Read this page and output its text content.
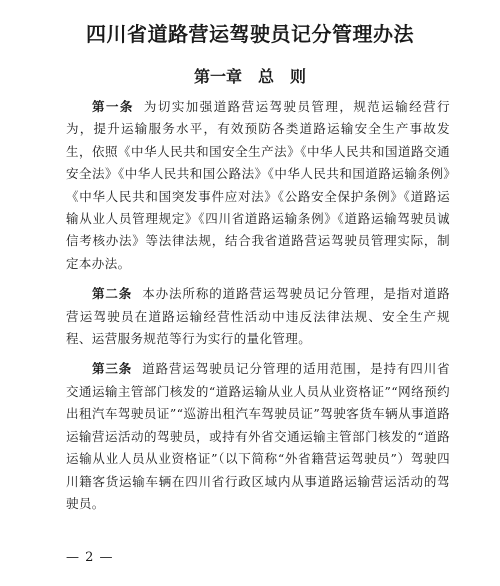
四川省道路营运驾驶员记分管理办法
第一章　总　则

第一条 为切实加强道路营运驾驶员管理，规范运输经营行为，提升运输服务水平，有效预防各类道路运输安全生产事故发生，依照《中华人民共和国安全生产法》《中华人民共和国道路交通安全法》《中华人民共和国公路法》《中华人民共和国道路运输条例》《中华人民共和国突发事件应对法》《公路安全保护条例》《道路运输从业人员管理规定》《四川省道路运输条例》《道路运输驾驶员诚信考核办法》等法律法规，结合我省道路营运驾驶员管理实际，制定本办法。

第二条 本办法所称的道路营运驾驶员记分管理，是指对道路营运驾驶员在道路运输经营性活动中违反法律法规、安全生产规程、运营服务规范等行为实行的量化管理。

第三条 道路营运驾驶员记分管理的适用范围，是持有四川省交通运输主管部门核发的“道路运输从业人员从业资格证”“网络预约出租汽车驾驶员证”“巡游出租汽车驾驶员证”驾驶客货车辆从事道路运输营运活动的驾驶员，或持有外省交通运输主管部门核发的“道路运输从业人员从业资格证”（以下简称“外省籍营运驾驶员”）驾驶四川籍客货运输车辆在四川省行政区域内从事道路运输营运活动的驾驶员。

— 2 —
